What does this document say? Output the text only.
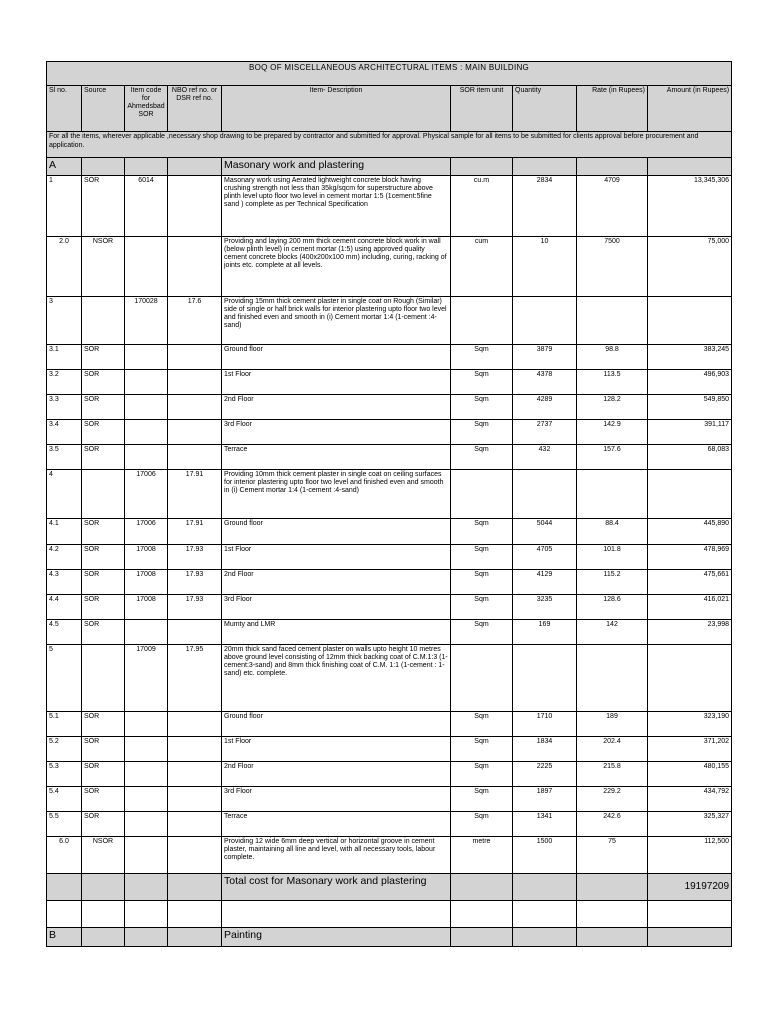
BOQ OF MISCELLANEOUS ARCHITECTURAL ITEMS : MAIN BUILDING								
Sl no.	Source	Item code for Ahmedsbad SOR	NBO ref no. or DSR ref no.	Item- Description	SOR item unit	Quantity	Rate (in Rupees)	Amount (in Rupees)
For all the items, wherever applicable ,necessary shop drawing to be prepared by contractor and submitted for approval. Physical sample for all items to be submitted for clients approval before procurement and application.								
A				Masonary work and plastering				
1	SOR	6014		Masonary work using Aerated lightweight concrete block having crushing strength not less than 35kg/sqcm for superstructure above plinth level upto floor two level in cement mortar 1:5 (1cement:5fine sand ) complete as per Technical Specification	cu.m	2834	4709	13,345,306
2.0	NSOR			Providing and laying 200 mm thick cement concrete block work in wall (below plinth level) in cement mortar (1:5) using approved quality cement concrete blocks (400x200x100 mm) including, curing, racking of joints etc. complete at all levels.	cum	10	7500	75,000
3		170028	17.6	Providing 15mm thick cement plaster in single coat on Rough (Similar) side of single or half brick walls for interior plastering upto floor two level and finished even and smooth in (i) Cement mortar 1:4 (1-cement :4-sand)				
3.1	SOR			Ground floor	Sqm	3879	98.8	383,245
3.2	SOR			1st Floor	Sqm	4378	113.5	496,903
3.3	SOR			2nd Floor	Sqm	4289	128.2	549,850
3.4	SOR			3rd Floor	Sqm	2737	142.9	391,117
3.5	SOR			Terrace	Sqm	432	157.6	68,083
4		17006	17.91	Providing 10mm thick cement plaster in single coat on ceiling surfaces for interior plastering upto floor two level and finished even and smooth in (i) Cement mortar 1:4 (1-cement :4-sand)				
4.1	SOR	17006	17.91	Ground floor	Sqm	5044	88.4	445,890
4.2	SOR	17008	17.93	1st Floor	Sqm	4705	101.8	478,969
4.3	SOR	17008	17.93	2nd Floor	Sqm	4129	115.2	475,661
4.4	SOR	17008	17.93	3rd Floor	Sqm	3235	128.6	416,021
4.5	SOR			Mumty and LMR	Sqm	169	142	23,998
5		17009	17.95	20mm thick sand faced cement plaster on walls upto height 10 metres above ground level consisting of 12mm thick backing coat of C.M.1:3 (1-cement:3-sand) and 8mm thick finishing coat of C.M. 1:1 (1-cement : 1-sand) etc. complete.				
5.1	SOR			Ground floor	Sqm	1710	189	323,190
5.2	SOR			1st Floor	Sqm	1834	202.4	371,202
5.3	SOR			2nd Floor	Sqm	2225	215.8	480,155
5.4	SOR			3rd Floor	Sqm	1897	229.2	434,792
5.5	SOR			Terrace	Sqm	1341	242.6	325,327
6.0	NSOR			Providing 12 wide 6mm deep vertical or horizontal groove in cement plaster, maintaining all line and level, with all necessary tools, labour complete.	metre	1500	75	112,500
				Total cost for Masonary work and plastering				19197209

B				Painting				
